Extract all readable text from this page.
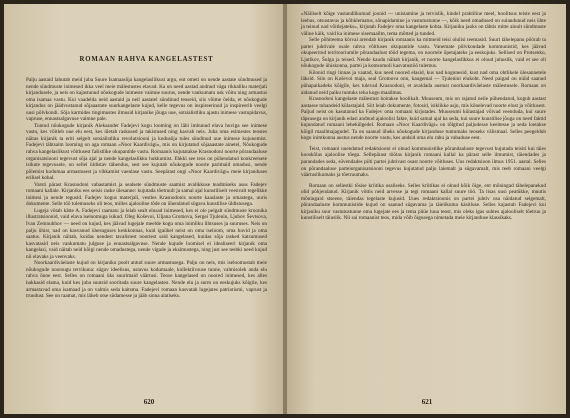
ROMAAN RAHVA KANGELASTEST

Palju aastaid lahutab meid juba Suure Isamaasõja kangelasliikust argu, ent ometi on nende aastate sündmused ja nende sündmuste inimesed ikka veel meie mälestustes elavad. Ka on need aastad andnud väga rikkaliku materjali kirjandusele, ja neis on kajastunud nõukogude inimeste vaimne suurus, nende vankumatu usk võitu ning armastus oma isamaa vastu. Kui vaadelda neid aastaid ja neil aastatel sündinud teoseid, siis võime öelda, et nõukogude kirjandus on jäädvustanud sõjaaastate suurkangelaste kujud, kelle tegevus on inspireerinud ja inspireerib veelgi uusi põlvkondi. Sõja karmides tingimustes ilmusid kirjanike jõuga uue, sotsialistliku ajastu inimese vastupidavus, vapruse, ennastsalgavuse vaimne pale.

Tuntud nõukogude kirjanik Aleksander Fadejevi kogu looming on läbi imbunud elava huviga see inimese vastu, kes võitleb uue elu eest, kes ületab raskused ja takistused ning kasvab neis. Juba oma esimestes teostes näitas kirjanik ta eriti selgelt sotsialistliku revolutsiooni ja kodusõja tules sündinud uue inimese kujunemist. Fadejevi tähtsaim looming on aga romaan »Noor Kaardivägi», mis on kirjutatud sõjaaastate ainetel, Nõukogude rahva kangelaslikust võitlusest fašistlike okupantide vastu. Romaanis kujutatakse Krasnodoni noorte põrandaaluse organisatsiooni tegevust sõja ajal ja nende kangelaslikku hukkumist. Ehkki see teos on pühendatud konkreetsete isikute tegevusele, on sellel üldistav tähendus, sest see kujutab nõukogude noorte parimaid omadusi, nende põlemist kodumaa armastusest ja vihkamist vaenlase vastu. Seepärast ongi »Noor Kaardivägi» meie kirjanduses erilisel kohal.

Varsti pärast Krasnodoni vabastamist ja sealsete sündmuste saamist avalikkuse teadmiseks asus Fadejev romaani kallale. Kirjaniku ees seisis raske ülesanne: kujutada tõetruult ja samal ajal kunstiliselt veenvalt tegelikke inimesi ja nende tegusid. Fadejev kogus materjali, vestles Krasnodonis noorte kaaslaste ja omastega, uuris dokumente. Selle töö tulemuseks oli teos, milles ajalooline tõde on ühendatud sügava kunstilise üldistusega.

Lugeja võtab kätte A. Fadejevi raamatu ja leiab sealt elusad inimesed, kes ei ole pelgalt sündmuste kroonika illustratsioonid, vaid elava iseloomuga isikud. Oleg Koševoi, Uljana Gromova, Sergei Tjulenin, Ljubov Ševtsova, Ivan Zemnuhhov — need on kujud, kes jäävad lugejale meelde kogu oma inimliku lihtsuses ja suuruses. Neis on palju ühist, nad on kasvanud ühesuguses keskkonnas, kuid igaühel neist on oma iseloom, oma huvid ja oma saatus. Kirjanik näitab, kuidas nendest tavalistest noortest said kangelased, kuidas sõja rasked katsumused kasvatasid neis vankumatu julguse ja ennastsalgavuse. Nende kujude loomisel ei idealiseeri kirjanik oma kangelasi, vaid näitab neid kõigi nende omadustega, nende vigade ja eksimustega, ning just see teebki need kujud nii elavaks ja veenvaks.

Noorkaardiväelaste kujud on kirjaniku poolt antud suure armastusega. Palju on neis, mis iseloomustab meie nõukogude noorsugu tervikuna: sügav ideelisus, ustavus kodumaale, kollektiivsuse tunne, valmisolek anda elu rahva õnne eest. Selles on romaani üks suurimaid väärtusi. Teose kangelased on noored inimesed, kes alles hakkasid elama, kuid kes juba suutsid sooritada suure kangelasteo. Nende elu ja surm on eeskujuks kõigile, kes armastavad oma isamaad ja on valmis seda kaitsma. Fadejevi romaan kasvatab lugejates patriotismi, vaprust ja truudust. See on raamat, mis läheb otse südamesse ja jääb sinna alatiseks.

620

»Näiliselt kõige vastandlikumad joonid — unistamine ja tervislik, kindel praktiline meel, hoolitsus teiste eest ja leebus, otsustavus ja kõhklematus, sõnapidamine ja vastutustunne —, kõik need omadused on sulandunud neis ühte ja teinud nad võitlejateks«, kirjutab Fadejev oma kangelaste kohta. Kirjaniku jaoks on tähtis mitte ainult sündmuste väline käik, vaid ka inimese sisemaailm, tema mõtted ja tunded.

Selle põhiteema kõrval arendab kirjanik romaanis ka mitmeid teisi olulisi teemasid. Suurt tähelepanu pöörab ta partei juhtivale osale rahva võitluses okupantide vastu. Vanemate põlvkondade kommunistid, kes jäävad okupeeritud territooriumile põrandaalust tööd tegema, on noortele õpetajateks ja eeskujuks. Sellised on Protsenko, Ljutikov, Šulga ja teised. Nende kaudu näitab kirjanik, et noorte kangelaslikkus ei olnud juhuslik, vaid et see oli nõukogude ühiskonna, partei ja komsomoli kasvatustöö tulemus.

Kõnnid ringi linnas ja vaatad, kus need noored elasid, kus nad kogunesid, kust nad oma ohtlikele ülesannetele läksid. Siin on Koševoi maja, seal Gromova onn, kaugemal — Tjulenini elukoht. Need paigad on nüüd saanud pühapaikadeks kõigile, kes tulevad Krasnodoni, et avaldada austust noorkaardiväelaste mälestusele. Romaan on aidanud neid paiku tuntuks teha kogu maailmas.

Krasnodoni kangelaste mälestust hoitakse hoolikalt. Muuseum, mis on rajatud neile pühendatud, kogub aastast aastasse tuhandeid külastajaid. Siit leiab dokumente, fotosid, isiklikke asju, mis kõnelevad noorte elust ja võitlusest. Paljud neist on kasutanud ka Fadejev oma romaani kirjutades. Muuseumi külastajad võivad veenduda, kui suure täpsusega on kirjanik edasi andnud ajaloolisi fakte, kuid samal ajal ka seda, kui suure kunstilise jõuga on need faktid kujundatud romaani lehekülgedel. Romaan »Noor Kaardivägi» on tõlgitud paljudesse keeltesse ja seda loetakse kõigil maailmajagudel. Ta on saanud üheks nõukogude kirjanduse tuntumaks teoseks välismaal. Selles peegeldub kogu inimkonna austus nende noorte vastu, kes andsid oma elu rahu ja vabaduse eest.

Teist, romaani uuendatud redaktsiooni ei olnud kommunistlike põrandaaluste tegevust kujutada teisiti kui täies kooskõlas ajaloolise tõega. Sellepärast töötas kirjanik romaani kallal ka pärast selle ilmumist, täiendades ja parandades seda, süvendades pilti partei juhtivast osast noorte võitluses. Uus redaktsioon ilmus 1951. aastal. Selles on põrandaaluse parteiorganisatsiooni tegevus kujutatud palju laiemalt ja sügavamalt, mis teeb romaani veelgi väärtuslikumaks ja tõetruumaks.

Romaan on sellestki tõsise kriitika osaliseks. Selles kriitikas ei olnud kõik õige, ent mõningad tähelepanekud olid põhjendatud. Kirjanik võttis neid arvesse ja tegi romaani kallal suure töö. Ta lisas uusi peatükke, muutis mõningaid stseene, täiendas tegelaste kujusid. Uues redaktsioonis on partei juhtiv osa näidatud selgemalt, põrandaaluste kommunistide kujud on saanud sügavama ja täielikuma käsitluse. Selles kajastub Fadejevi kui kirjaniku suur vastutustunne oma lugejate ees ja tema püüe luua teost, mis oleks igas suhtes ajalooliselt tõetruu ja kunstiliselt täiuslik. Nii sai romaanist teos, mida võib õigusega nimetada meie kirjanduse klassikaks.

621
